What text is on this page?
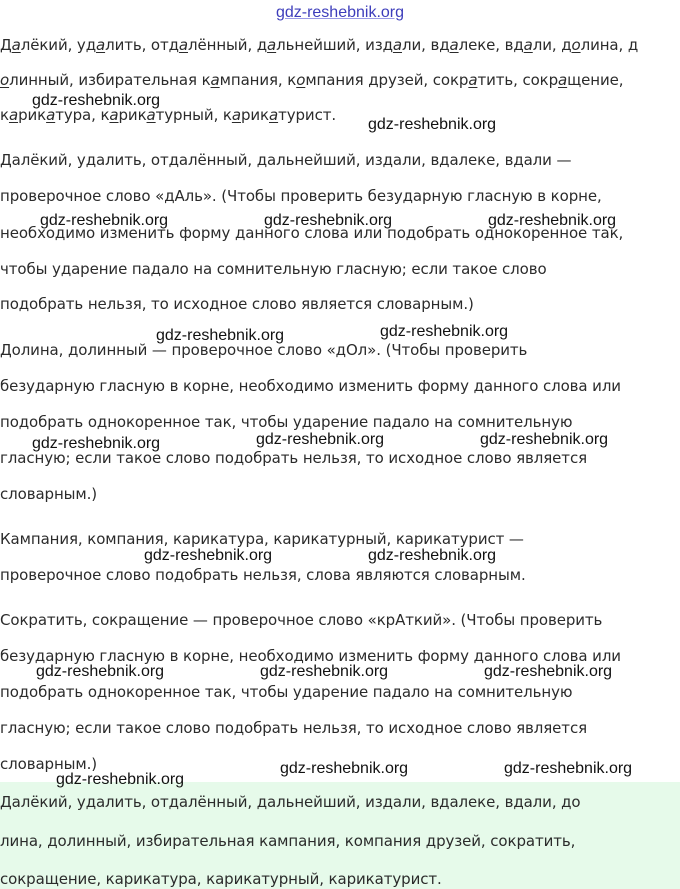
gdz-reshebnik.org
Далёкий, удалить, отдалённый, дальнейший, издали, вдалеке, вдали, долина, д
олинный, избирательная кампания, компания друзей, сократить, сокращение,
карикатура, карикатурный, карикатурист.
Далёкий, удалить, отдалённый, дальнейший, издали, вдалеке, вдали —
проверочное слово «дАль». (Чтобы проверить безударную гласную в корне,
необходимо изменить форму данного слова или подобрать однокоренное так,
чтобы ударение падало на сомнительную гласную; если такое слово
подобрать нельзя, то исходное слово является словарным.)
Долина, долинный — проверочное слово «дОл». (Чтобы проверить
безударную гласную в корне, необходимо изменить форму данного слова или
подобрать однокоренное так, чтобы ударение падало на сомнительную
гласную; если такое слово подобрать нельзя, то исходное слово является
словарным.)
Кампания, компания, карикатура, карикатурный, карикатурист —
проверочное слово подобрать нельзя, слова являются словарным.
Сократить, сокращение — проверочное слово «крАткий». (Чтобы проверить
безударную гласную в корне, необходимо изменить форму данного слова или
подобрать однокоренное так, чтобы ударение падало на сомнительную
гласную; если такое слово подобрать нельзя, то исходное слово является
словарным.)
Далёкий, удалить, отдалённый, дальнейший, издали, вдалеке, вдали, до
лина, долинный, избирательная кампания, компания друзей, сократить,
сокращение, карикатура, карикатурный, карикатурист.
gdz-reshebnik.org
gdz-reshebnik.org
gdz-reshebnik.org	gdz-reshebnik.org	gdz-reshebnik.org
gdz-reshebnik.org	gdz-reshebnik.org
gdz-reshebnik.org	gdz-reshebnik.org	gdz-reshebnik.org
gdz-reshebnik.org	gdz-reshebnik.org
gdz-reshebnik.org	gdz-reshebnik.org	gdz-reshebnik.org
gdz-reshebnik.org
gdz-reshebnik.org	gdz-reshebnik.org
